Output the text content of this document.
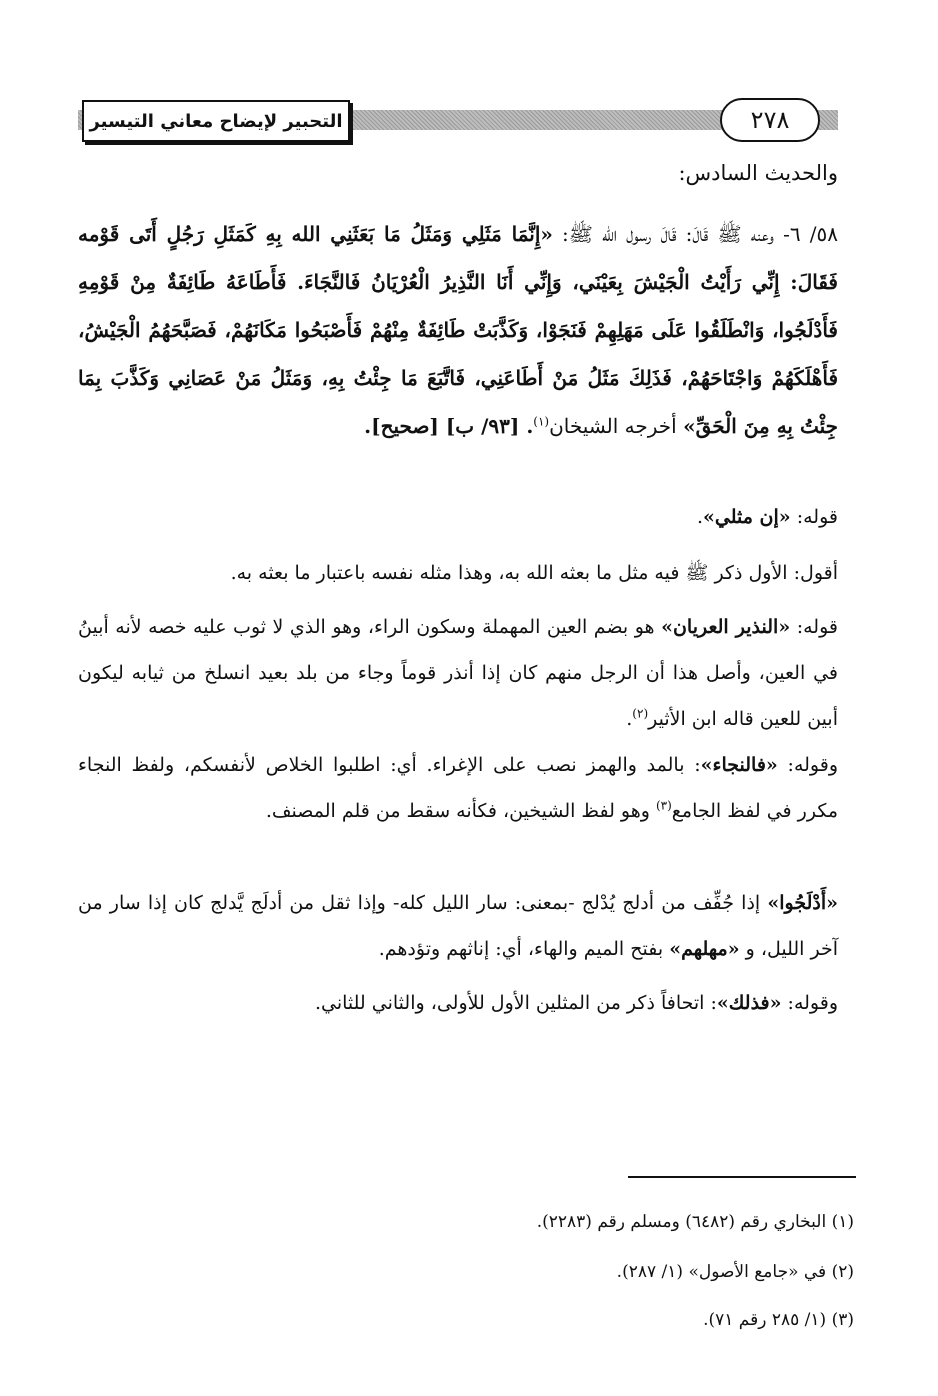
التحبير لإيضاح معاني التيسير	٢٧٨

والحديث السادس:

٥٨/ ٦- وعنه ﷺ قَالَ: قَالَ رسول الله ﷺ: «إِنَّمَا مَثَلِي وَمَثَلُ مَا بَعَثَنِي الله بِهِ كَمَثَلِ رَجُلٍ أَتَى قَوْمه فَقَالَ: إِنِّي رَأَيْتُ الْجَيْشَ بِعَيْنَي، وَإِنِّي أَنَا النَّذِيرُ الْعُرْيَانُ فَالنَّجَاءَ. فَأَطَاعَهُ طَائِفَةٌ مِنْ قَوْمِهِ فَأَدْلَجُوا، وَانْطَلَقُوا عَلَى مَهَلِهِمْ فَنَجَوْا، وَكَذَّبَتْ طَائِفَةٌ مِنْهُمْ فَأَصْبَحُوا مَكَانَهُمْ، فَصَبَّحَهُمُ الْجَيْشُ، فَأَهْلَكَهُمْ وَاجْتَاحَهُمْ، فَذَلِكَ مَثَلُ مَنْ أَطَاعَنِي، فَاتَّبَعَ مَا جِئْتُ بِهِ، وَمَثَلُ مَنْ عَصَانِي وَكَذَّبَ بِمَا جِئْتُ بِهِ مِنَ الْحَقِّ» أخرجه الشيخان$^{(١)}$. [٩٣/ ب] [صحيح].

قوله: «إن مثلي».

أقول: الأول ذكر ﷺ فيه مثل ما بعثه الله به، وهذا مثله نفسه باعتبار ما بعثه به.

قوله: «النذير العريان» هو بضم العين المهملة وسكون الراء، وهو الذي لا ثوب عليه خصه لأنه أبينُ في العين، وأصل هذا أن الرجل منهم كان إذا أنذر قوماً وجاء من بلد بعيد انسلخ من ثيابه ليكون أبين للعين قاله ابن الأثير$^{(٢)}$.

وقوله: «فالنجاء»: بالمد والهمز نصب على الإغراء. أي: اطلبوا الخلاص لأنفسكم، ولفظ النجاء مكرر في لفظ الجامع$^{(٣)}$ وهو لفظ الشيخين، فكأنه سقط من قلم المصنف.

«أَدْلَجُوا» إذا جُفِّف من أدلج يُدْلج -بمعنى: سار الليل كله- وإذا ثقل من أدلَج يَّدلج كان إذا سار من آخر الليل، و «مهلهم» بفتح الميم والهاء، أي: إناثهم وتؤدهم.

وقوله: «فذلك»: اتحافاً ذكر من المثلين الأول للأولى، والثاني للثاني.

(١) البخاري رقم (٦٤٨٢) ومسلم رقم (٢٢٨٣).

(٢) في «جامع الأصول» (١/ ٢٨٧).

(٣) (١/ ٢٨٥ رقم ٧١).
